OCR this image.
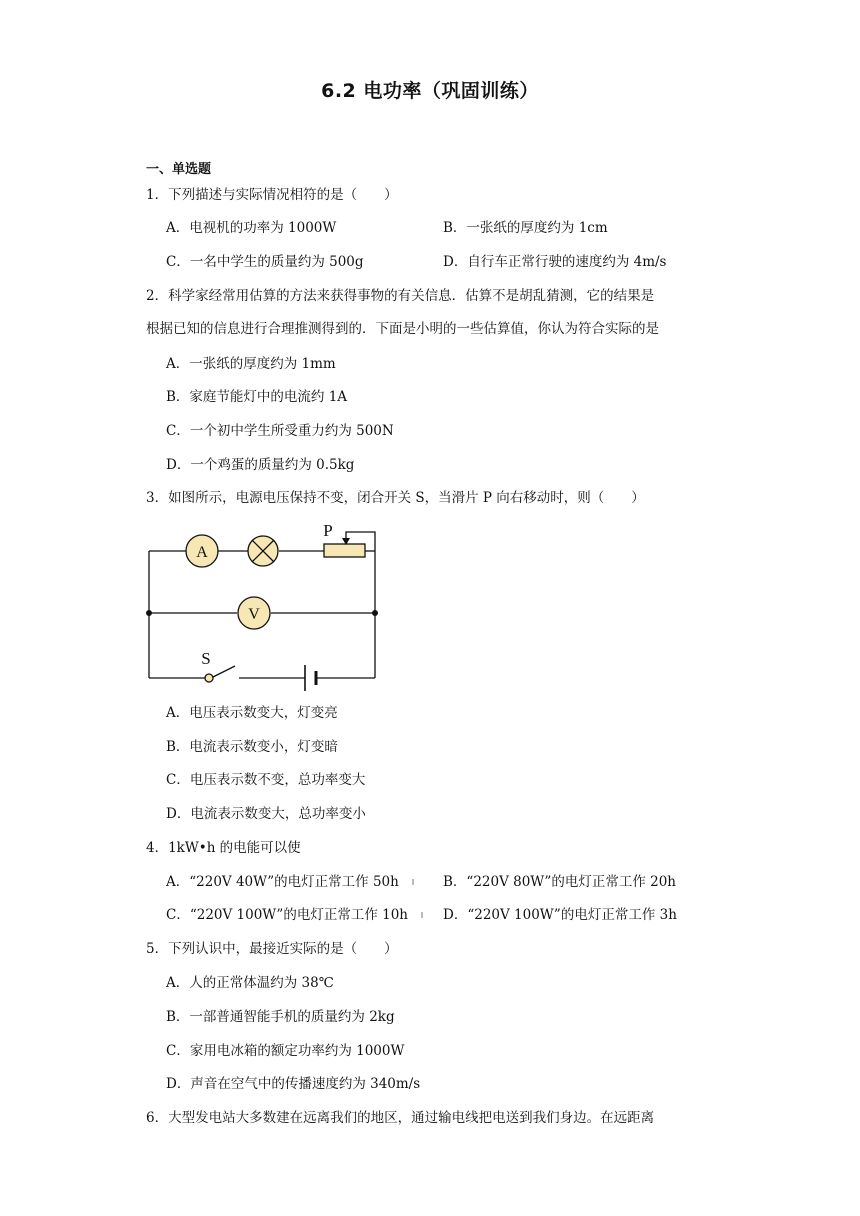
6.2 电功率（巩固训练）
一、单选题
1．下列描述与实际情况相符的是（　　）
A．电视机的功率为 1000W	B．一张纸的厚度约为 1cm
C．一名中学生的质量约为 500g	D．自行车正常行驶的速度约为 4m/s
2．科学家经常用估算的方法来获得事物的有关信息．估算不是胡乱猜测，它的结果是
根据已知的信息进行合理推测得到的．下面是小明的一些估算值，你认为符合实际的是
A．一张纸的厚度约为 1mm
B．家庭节能灯中的电流约 1A
C．一个初中学生所受重力约为 500N
D．一个鸡蛋的质量约为 0.5kg
3．如图所示，电源电压保持不变，闭合开关 S，当滑片 P 向右移动时，则（　　）
A
P
V
S
A．电压表示数变大，灯变亮
B．电流表示数变小，灯变暗
C．电压表示数不变，总功率变大
D．电流表示数变大，总功率变小
4．1kW•h 的电能可以使
A．“220V 40W”的电灯正常工作 50h	B．“220V 80W”的电灯正常工作 20h
C．“220V 100W”的电灯正常工作 10h	D．“220V 100W”的电灯正常工作 3h
5．下列认识中，最接近实际的是（　　）
A．人的正常体温约为 38℃
B．一部普通智能手机的质量约为 2kg
C．家用电冰箱的额定功率约为 1000W
D．声音在空气中的传播速度约为 340m/s
6．大型发电站大多数建在远离我们的地区，通过输电线把电送到我们身边。在远距离
